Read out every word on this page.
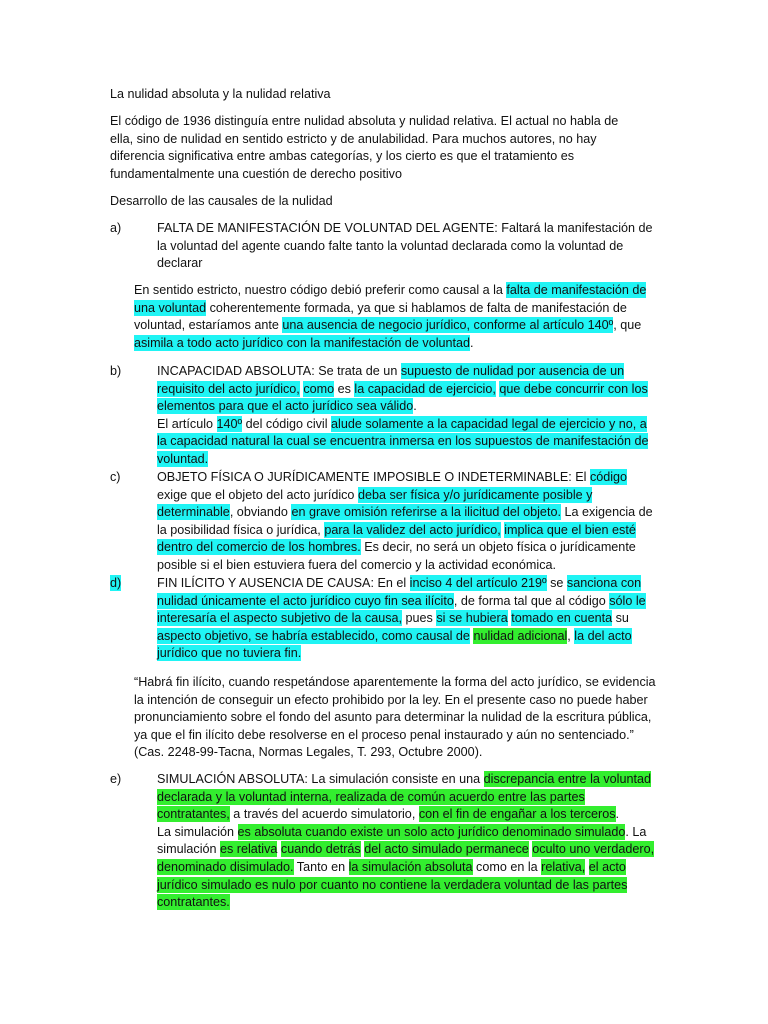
La nulidad absoluta y la nulidad relativa

El código de 1936 distinguía entre nulidad absoluta y nulidad relativa. El actual no habla de ella, sino de nulidad en sentido estricto y de anulabilidad. Para muchos autores, no hay diferencia significativa entre ambas categorías, y los cierto es que el tratamiento es fundamentalmente una cuestión de derecho positivo

Desarrollo de las causales de la nulidad

a)	FALTA DE MANIFESTACIÓN DE VOLUNTAD DEL AGENTE: Faltará la manifestación de la voluntad del agente cuando falte tanto la voluntad declarada como la voluntad de declarar

En sentido estricto, nuestro código debió preferir como causal a la falta de manifestación de una voluntad coherentemente formada, ya que si hablamos de falta de manifestación de voluntad, estaríamos ante una ausencia de negocio jurídico, conforme al artículo 140º, que asimila a todo acto jurídico con la manifestación de voluntad.

b)	INCAPACIDAD ABSOLUTA: Se trata de un supuesto de nulidad por ausencia de un requisito del acto jurídico, como es la capacidad de ejercicio, que debe concurrir con los elementos para que el acto jurídico sea válido.

El artículo 140º del código civil alude solamente a la capacidad legal de ejercicio y no, a la capacidad natural la cual se encuentra inmersa en los supuestos de manifestación de voluntad.

c)	OBJETO FÍSICA O JURÍDICAMENTE IMPOSIBLE O INDETERMINABLE: El código exige que el objeto del acto jurídico deba ser física y/o jurídicamente posible y determinable, obviando en grave omisión referirse a la ilicitud del objeto. La exigencia de la posibilidad física o jurídica, para la validez del acto jurídico, implica que el bien esté dentro del comercio de los hombres. Es decir, no será un objeto física o jurídicamente posible si el bien estuviera fuera del comercio y la actividad económica.

d)	FIN ILÍCITO Y AUSENCIA DE CAUSA: En el inciso 4 del artículo 219º se sanciona con nulidad únicamente el acto jurídico cuyo fin sea ilícito, de forma tal que al código sólo le interesaría el aspecto subjetivo de la causa, pues si se hubiera tomado en cuenta su aspecto objetivo, se habría establecido, como causal de nulidad adicional, la del acto jurídico que no tuviera fin.

“Habrá fin ilícito, cuando respetándose aparentemente la forma del acto jurídico, se evidencia la intención de conseguir un efecto prohibido por la ley. En el presente caso no puede haber pronunciamiento sobre el fondo del asunto para determinar la nulidad de la escritura pública, ya que el fin ilícito debe resolverse en el proceso penal instaurado y aún no sentenciado.” (Cas. 2248-99-Tacna, Normas Legales, T. 293, Octubre 2000).

e)	SIMULACIÓN ABSOLUTA: La simulación consiste en una discrepancia entre la voluntad declarada y la voluntad interna, realizada de común acuerdo entre las partes contratantes, a través del acuerdo simulatorio, con el fin de engañar a los terceros.

La simulación es absoluta cuando existe un solo acto jurídico denominado simulado. La simulación es relativa cuando detrás del acto simulado permanece oculto uno verdadero, denominado disimulado. Tanto en la simulación absoluta como en la relativa, el acto jurídico simulado es nulo por cuanto no contiene la verdadera voluntad de las partes contratantes.
